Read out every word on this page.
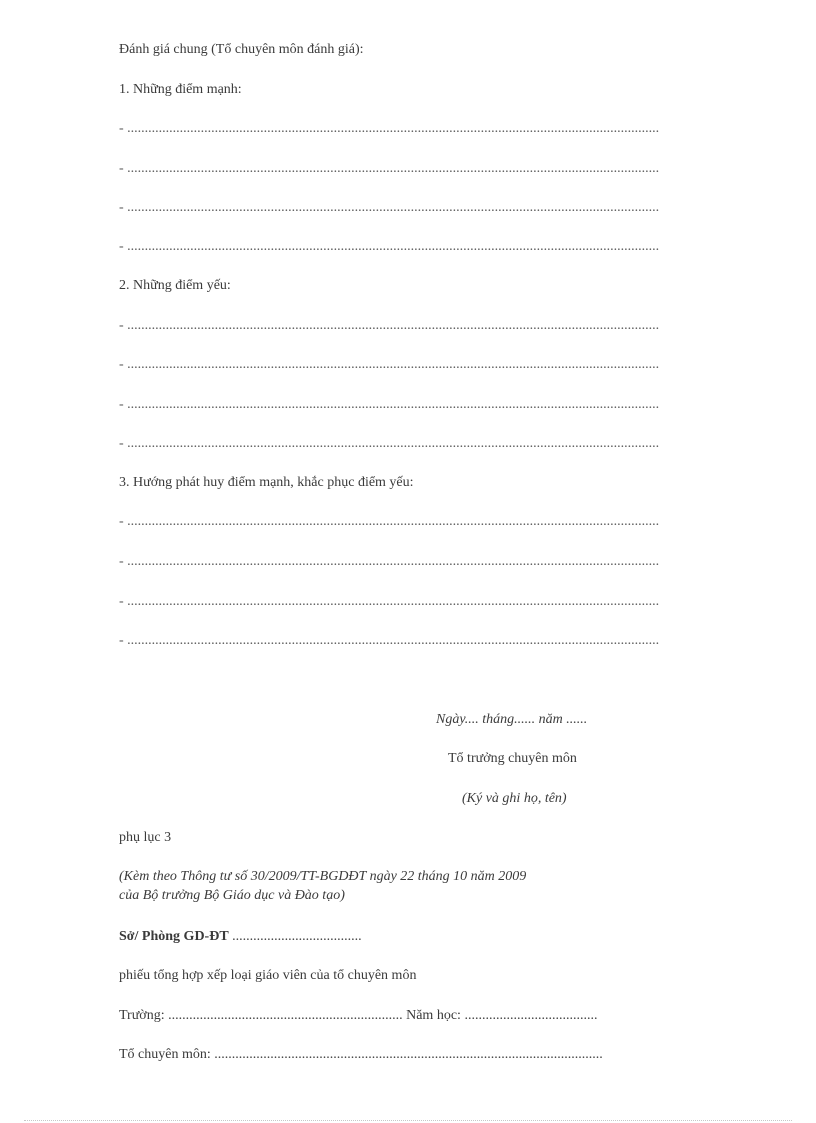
Đánh giá chung (Tổ chuyên môn đánh giá):
1. Những điểm mạnh:
- ........................................................................................................................................................
- ........................................................................................................................................................
- ........................................................................................................................................................
- ........................................................................................................................................................
2. Những điểm yếu:
- ........................................................................................................................................................
- ........................................................................................................................................................
- ........................................................................................................................................................
- ........................................................................................................................................................
3. Hướng phát huy điểm mạnh, khắc phục điểm yếu:
- ........................................................................................................................................................
- ........................................................................................................................................................
- ........................................................................................................................................................
- ........................................................................................................................................................
Ngày.... tháng...... năm ......
Tổ trưởng chuyên môn
(Ký và ghi họ, tên)
phụ lục 3
(Kèm theo Thông tư số 30/2009/TT-BGDĐT ngày 22 tháng 10 năm 2009
của Bộ trưởng Bộ Giáo dục và Đào tạo)
Sở/ Phòng GD-ĐT .....................................
phiếu tổng hợp xếp loại giáo viên của tổ chuyên môn
Trường: ................................................................... Năm học: ......................................
Tổ chuyên môn: ...............................................................................................................
